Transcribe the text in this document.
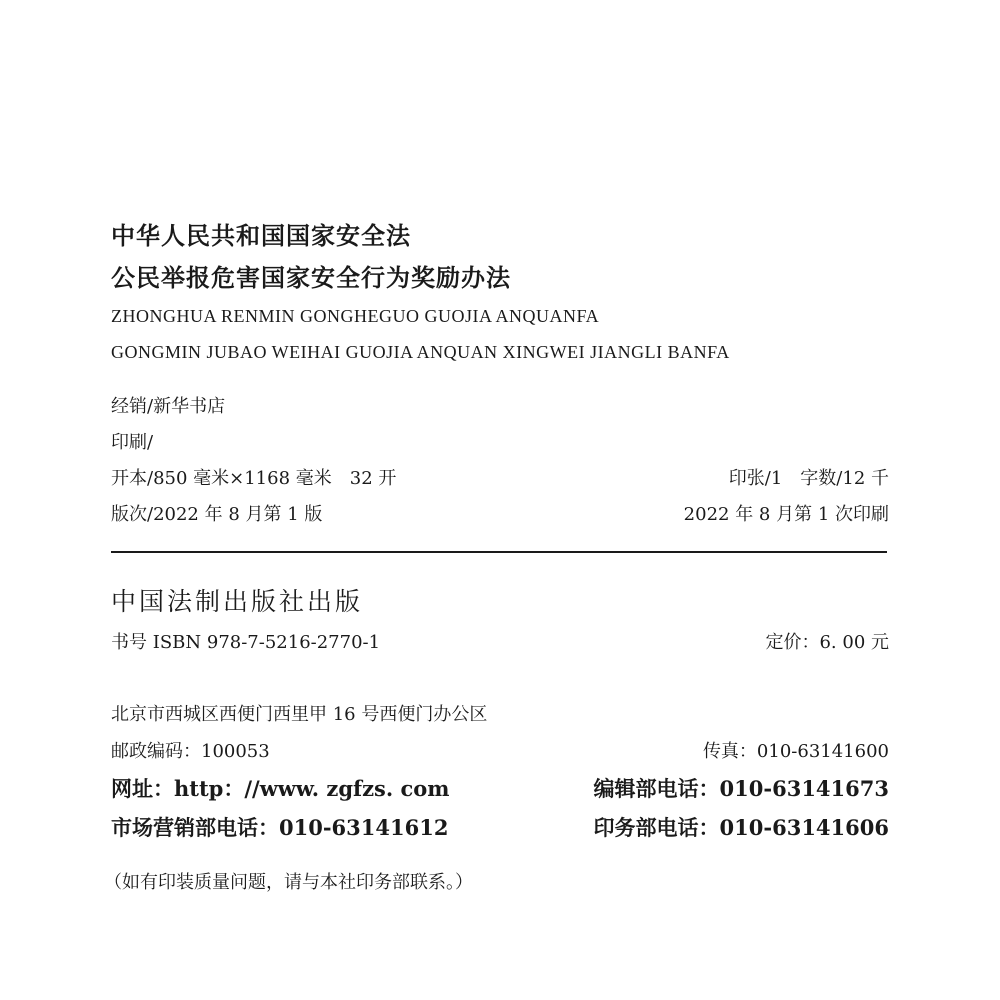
中华人民共和国国家安全法
公民举报危害国家安全行为奖励办法
ZHONGHUA RENMIN GONGHEGUO GUOJIA ANQUANFA
GONGMIN JUBAO WEIHAI GUOJIA ANQUAN XINGWEI JIANGLI BANFA
经销/新华书店
印刷/
开本/850 毫米×1168 毫米　32 开	印张/1　字数/12 千
版次/2022 年 8 月第 1 版	2022 年 8 月第 1 次印刷
中国法制出版社出版
书号 ISBN 978-7-5216-2770-1	定价：6. 00 元
北京市西城区西便门西里甲 16 号西便门办公区
邮政编码：100053	传真：010-63141600
网址：http：//www. zgfzs. com	编辑部电话：010-63141673
市场营销部电话：010-63141612	印务部电话：010-63141606
（如有印装质量问题，请与本社印务部联系。）
